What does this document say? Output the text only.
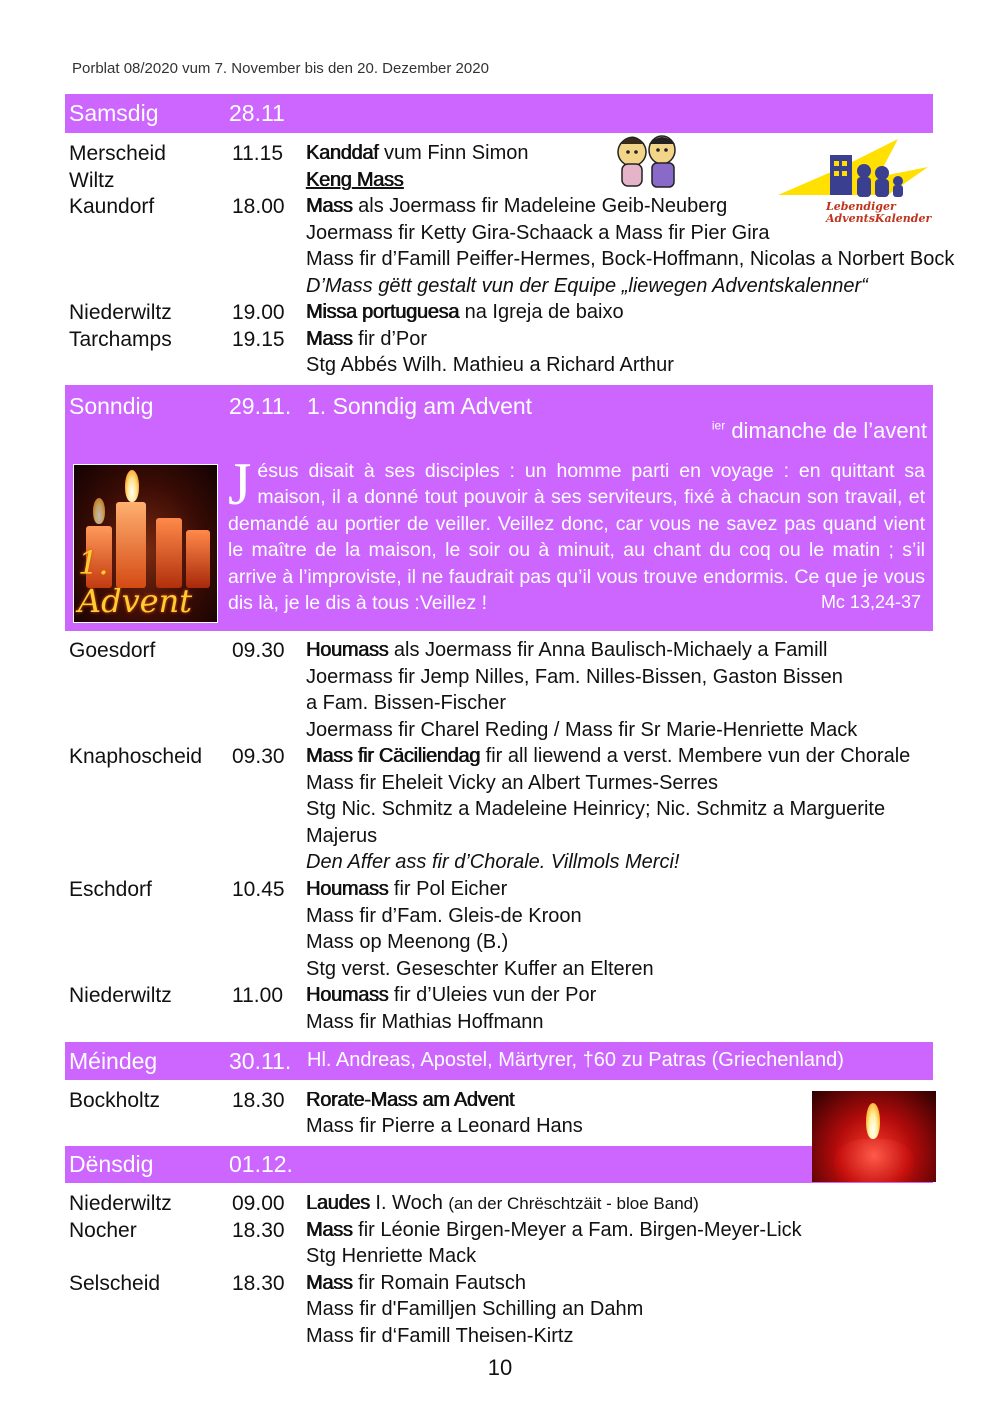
Porblat 08/2020 vum 7. November bis den 20. Dezember 2020
Samsdig	28.11
Merscheid	11.15 Kanddaf vum Finn Simon
Wiltz	Keng Mass
Kaundorf	18.00 Mass als Joermass fir Madeleine Geib-Neuberg
Joermass fir Ketty Gira-Schaack a Mass fir Pier Gira
Mass fir d’Famill Peiffer-Hermes, Bock-Hoffmann, Nicolas a Norbert Bock
D’Mass gëtt gestalt vun der Equipe „liewegen Adventskalenner“
Niederwiltz	19.00 Missa portuguesa na Igreja de baixo
Tarchamps	19.15 Mass fir d’Por
Stg Abbés Wilh. Mathieu a Richard Arthur
Lebendiger
AdventsKalender
Sonndig	29.11. 1. Sonndig am Advent
$^{ier}$ dimanche de l’avent
1. Advent
Jésus disait à ses disciples : un homme parti en voyage : en quittant sa maison, il a donné tout pouvoir à ses serviteurs, fixé à chacun son travail, et demandé au portier de veiller. Veillez donc, car vous ne savez pas quand vient le maître de la maison, le soir ou à minuit, au chant du coq ou le matin ; s’il arrive à l’improviste, il ne faudrait pas qu’il vous trouve endormis. Ce que je vous dis là, je le dis à tous :Veillez !	Mc 13,24-37
Goesdorf	09.30 Houmass als Joermass fir Anna Baulisch-Michaely a Famill
Joermass fir Jemp Nilles, Fam. Nilles-Bissen, Gaston Bissen
a Fam. Bissen-Fischer
Joermass fir Charel Reding / Mass fir Sr Marie-Henriette Mack
Knaphoscheid 09.30 Mass fir Cäciliendag fir all liewend a verst. Membere vun der Chorale
Mass fir Eheleit Vicky an Albert Turmes-Serres
Stg Nic. Schmitz a Madeleine Heinricy; Nic. Schmitz a Marguerite
Majerus
Den Affer ass fir d’Chorale. Villmols Merci!
Eschdorf	10.45 Houmass fir Pol Eicher
Mass fir d’Fam. Gleis-de Kroon
Mass op Meenong (B.)
Stg verst. Geseschter Kuffer an Elteren
Niederwiltz	11.00 Houmass fir d’Uleies vun der Por
Mass fir Mathias Hoffmann
Méindeg	30.11. Hl. Andreas, Apostel, Märtyrer, †60 zu Patras (Griechenland)
Bockholtz	18.30 Rorate-Mass am Advent
Mass fir Pierre a Leonard Hans
Dënsdig	01.12.
Niederwiltz	09.00 Laudes I. Woch (an der Chrëschtzäit - bloe Band)
Nocher	18.30 Mass fir Léonie Birgen-Meyer a Fam. Birgen-Meyer-Lick
Stg Henriette Mack
Selscheid	18.30 Mass fir Romain Fautsch
Mass fir d'Familljen Schilling an Dahm
Mass fir d‘Famill Theisen-Kirtz
10
